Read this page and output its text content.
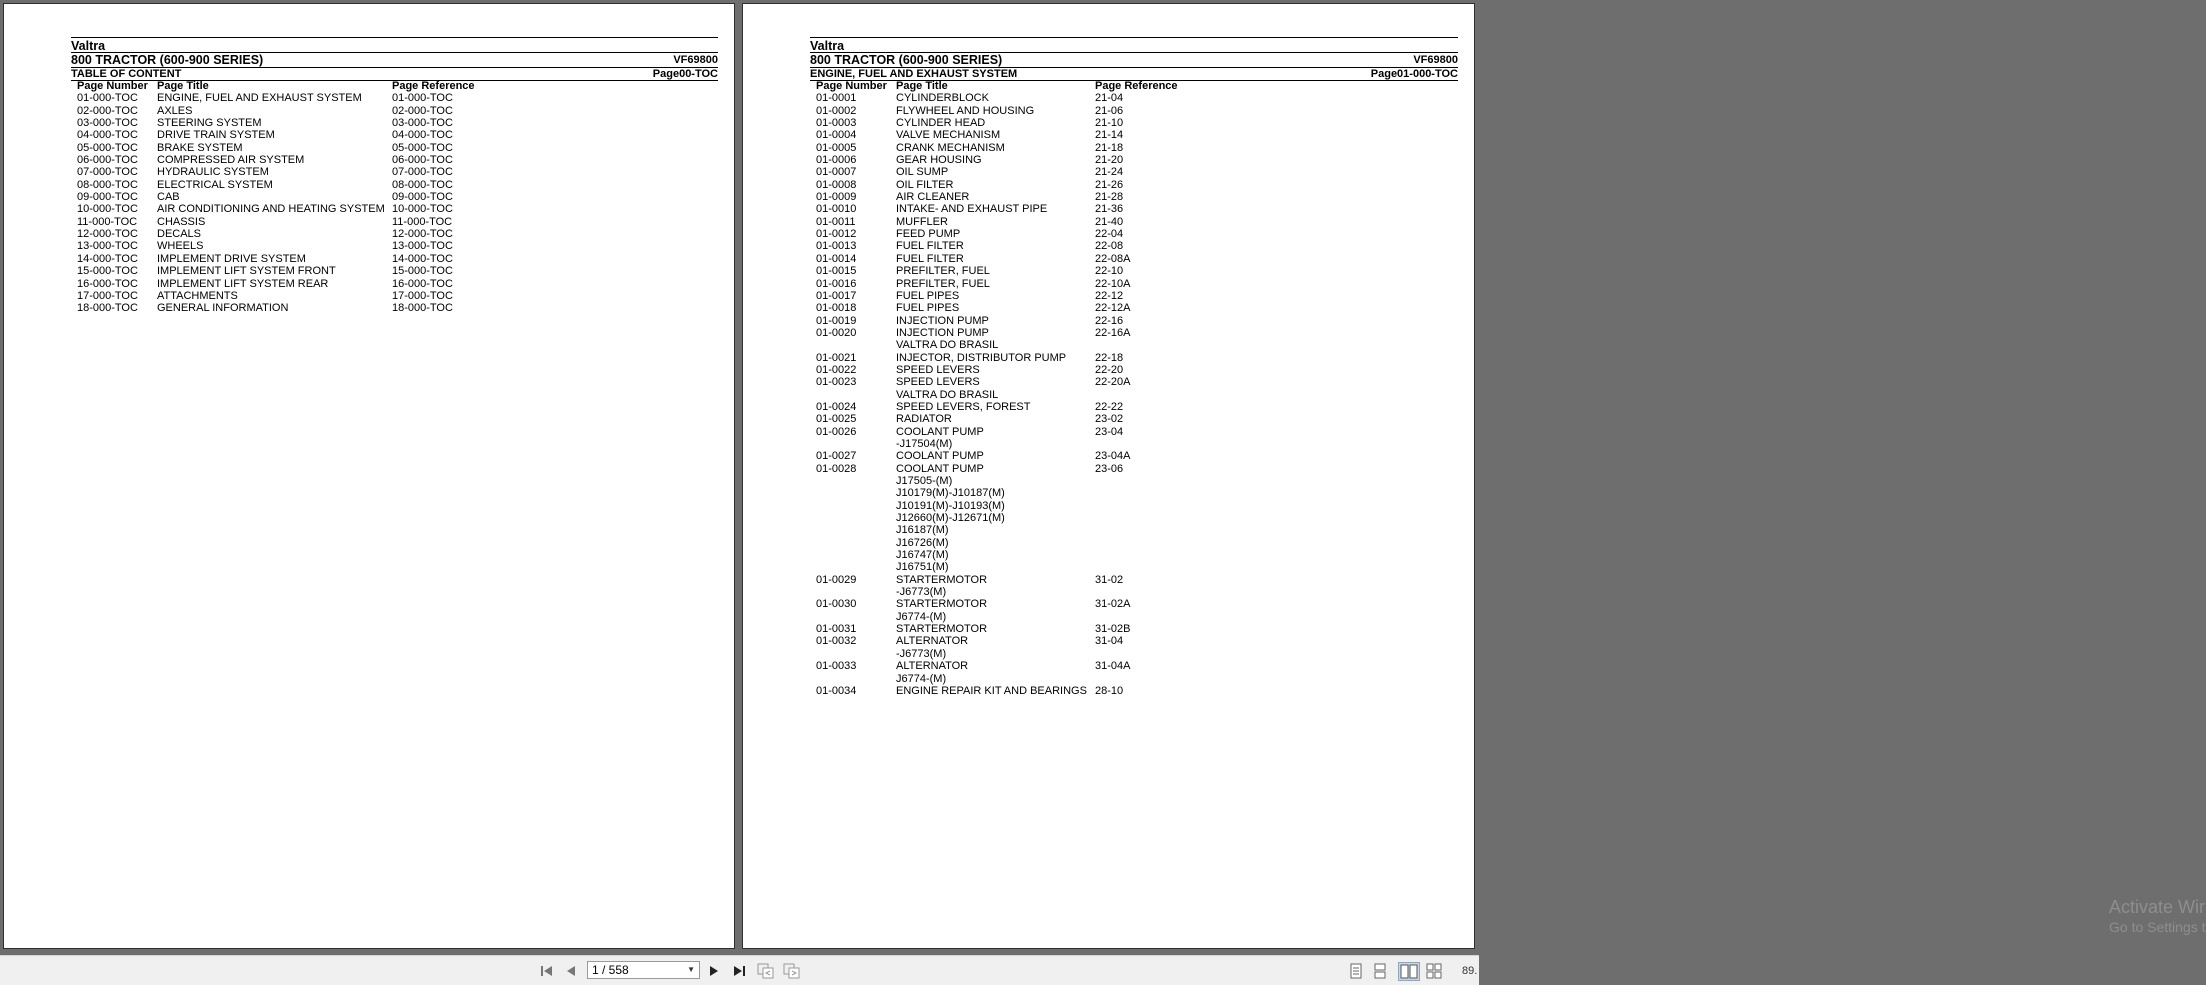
Valtra
800 TRACTOR (600-900 SERIES)	VF69800
TABLE OF CONTENT	Page00-TOC
Page Number Page Title	Page Reference
01-000-TOC	ENGINE, FUEL AND EXHAUST SYSTEM	01-000-TOC
02-000-TOC	AXLES	02-000-TOC
03-000-TOC	STEERING SYSTEM	03-000-TOC
04-000-TOC	DRIVE TRAIN SYSTEM	04-000-TOC
05-000-TOC	BRAKE SYSTEM	05-000-TOC
06-000-TOC	COMPRESSED AIR SYSTEM	06-000-TOC
07-000-TOC	HYDRAULIC SYSTEM	07-000-TOC
08-000-TOC	ELECTRICAL SYSTEM	08-000-TOC
09-000-TOC	CAB	09-000-TOC
10-000-TOC	AIR CONDITIONING AND HEATING SYSTEM 10-000-TOC
11-000-TOC	CHASSIS	11-000-TOC
12-000-TOC	DECALS	12-000-TOC
13-000-TOC	WHEELS	13-000-TOC
14-000-TOC	IMPLEMENT DRIVE SYSTEM	14-000-TOC
15-000-TOC	IMPLEMENT LIFT SYSTEM FRONT	15-000-TOC
16-000-TOC	IMPLEMENT LIFT SYSTEM REAR	16-000-TOC
17-000-TOC	ATTACHMENTS	17-000-TOC
18-000-TOC	GENERAL INFORMATION	18-000-TOC
Valtra
800 TRACTOR (600-900 SERIES)	VF69800
ENGINE, FUEL AND EXHAUST SYSTEM	Page01-000-TOC
Page Number Page Title	Page Reference
01-0001	CYLINDERBLOCK	21-04
01-0002	FLYWHEEL AND HOUSING	21-06
01-0003	CYLINDER HEAD	21-10
01-0004	VALVE MECHANISM	21-14
01-0005	CRANK MECHANISM	21-18
01-0006	GEAR HOUSING	21-20
01-0007	OIL SUMP	21-24
01-0008	OIL FILTER	21-26
01-0009	AIR CLEANER	21-28
01-0010	INTAKE- AND EXHAUST PIPE	21-36
01-0011	MUFFLER	21-40
01-0012	FEED PUMP	22-04
01-0013	FUEL FILTER	22-08
01-0014	FUEL FILTER	22-08A
01-0015	PREFILTER, FUEL	22-10
01-0016	PREFILTER, FUEL	22-10A
01-0017	FUEL PIPES	22-12
01-0018	FUEL PIPES	22-12A
01-0019	INJECTION PUMP	22-16
01-0020	INJECTION PUMP	22-16A
VALTRA DO BRASIL
01-0021	INJECTOR, DISTRIBUTOR PUMP	22-18
01-0022	SPEED LEVERS	22-20
01-0023	SPEED LEVERS	22-20A
VALTRA DO BRASIL
01-0024	SPEED LEVERS, FOREST	22-22
01-0025	RADIATOR	23-02
01-0026	COOLANT PUMP	23-04
-J17504(M)
01-0027	COOLANT PUMP	23-04A
01-0028	COOLANT PUMP	23-06
J17505-(M)
J10179(M)-J10187(M)
J10191(M)-J10193(M)
J12660(M)-J12671(M)
J16187(M)
J16726(M)
J16747(M)
J16751(M)
01-0029	STARTERMOTOR	31-02
-J6773(M)
01-0030	STARTERMOTOR	31-02A
J6774-(M)
01-0031	STARTERMOTOR	31-02B
01-0032	ALTERNATOR	31-04
-J6773(M)
01-0033	ALTERNATOR	31-04A
J6774-(M)
01-0034	ENGINE REPAIR KIT AND BEARINGS 28-10
Activate Wir
Go to Settings t
1 / 558	▼	89.
